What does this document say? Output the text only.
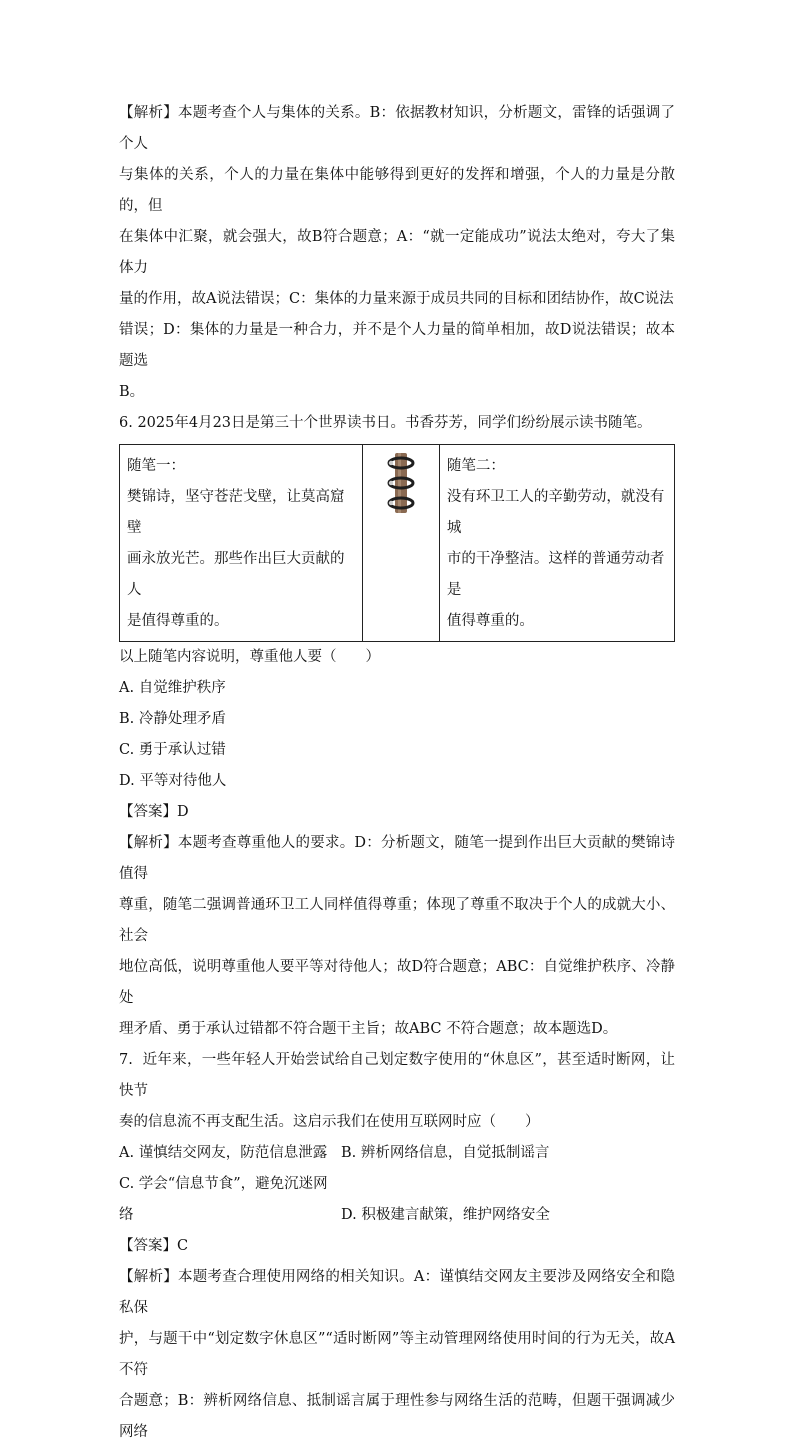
【解析】本题考查个人与集体的关系。B：依据教材知识，分析题文，雷锋的话强调了个人

与集体的关系，个人的力量在集体中能够得到更好的发挥和增强，个人的力量是分散的，但

在集体中汇聚，就会强大，故B符合题意；A：“就一定能成功”说法太绝对，夸大了集体力

量的作用，故A说法错误；C：集体的力量来源于成员共同的目标和团结协作，故C说法

错误；D：集体的力量是一种合力，并不是个人力量的简单相加，故D说法错误；故本题选

B。

6. 2025年4月23日是第三十个世界读书日。书香芬芳，同学们纷纷展示读书随笔。

随笔一：
樊锦诗，坚守苍茫戈壁，让莫高窟壁
画永放光芒。那些作出巨大贡献的人
是值得尊重的。

随笔二：
没有环卫工人的辛勤劳动，就没有城
市的干净整洁。这样的普通劳动者是
值得尊重的。

以上随笔内容说明，尊重他人要（　　）

A. 自觉维护秩序

B. 冷静处理矛盾

C. 勇于承认过错

D. 平等对待他人

【答案】D

【解析】本题考查尊重他人的要求。D：分析题文，随笔一提到作出巨大贡献的樊锦诗值得

尊重，随笔二强调普通环卫工人同样值得尊重；体现了尊重不取决于个人的成就大小、社会

地位高低，说明尊重他人要平等对待他人；故D符合题意；ABC：自觉维护秩序、冷静处

理矛盾、勇于承认过错都不符合题干主旨；故ABC 不符合题意；故本题选D。

7.  近年来，一些年轻人开始尝试给自己划定数字使用的“休息区”，甚至适时断网，让快节

奏的信息流不再支配生活。这启示我们在使用互联网时应（　　）

A. 谨慎结交网友，防范信息泄露 B. 辨析网络信息，自觉抵制谣言

C. 学会“信息节食”，避免沉迷网络	D. 积极建言献策，维护网络安全

【答案】C

【解析】本题考查合理使用网络的相关知识。A：谨慎结交网友主要涉及网络安全和隐私保

护，与题干中“划定数字休息区”“适时断网”等主动管理网络使用时间的行为无关，故A不符

合题意；B：辨析网络信息、抵制谣言属于理性参与网络生活的范畴，但题干强调减少网络
